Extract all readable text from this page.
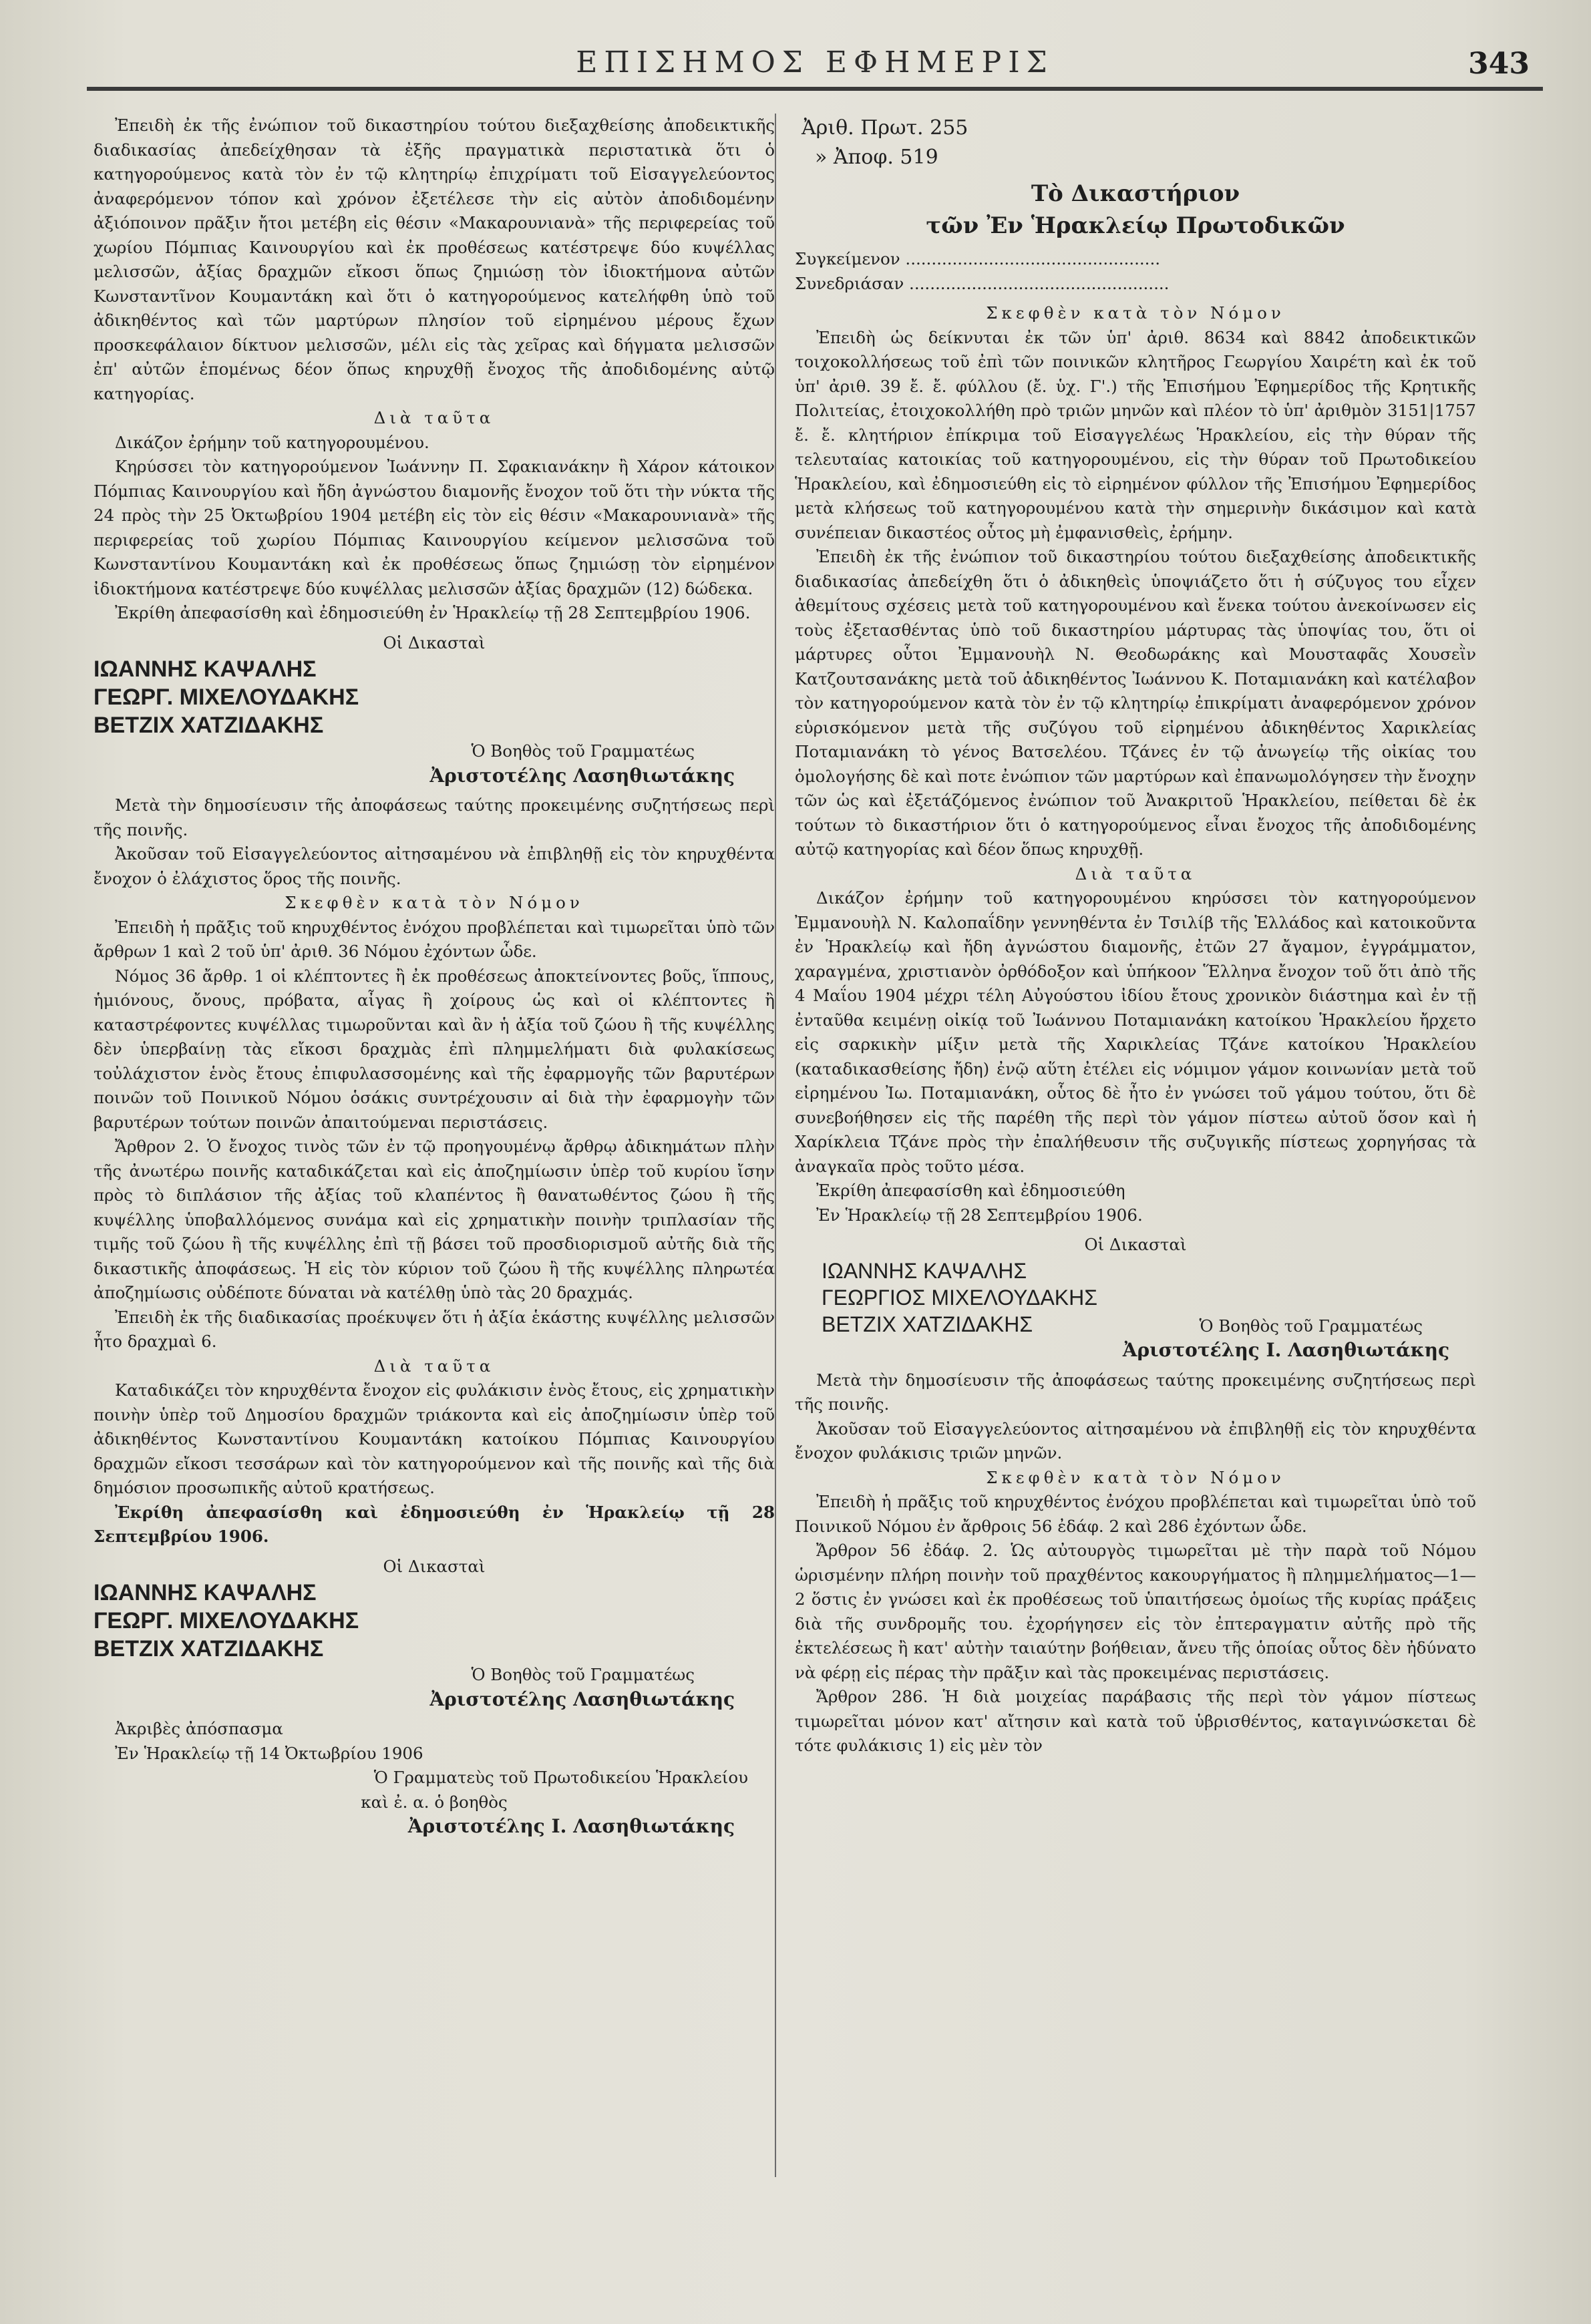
ΕΠΙΣΗΜΟΣ ΕΦΗΜΕΡΙΣ	343

Ἐπειδὴ ἐκ τῆς ἐνώπιον τοῦ δικαστηρίου τούτου διεξαχθείσης ἀποδεικτικῆς διαδικασίας ἀπεδείχθησαν τὰ ἐξῆς πραγματικὰ περιστατικὰ ὅτι ὁ κατηγορούμενος κατὰ τὸν ἐν τῷ κλητηρίῳ ἐπιχρίματι τοῦ Εἰσαγγελεύοντος ἀναφερόμενον τόπον καὶ χρόνον ἐξετέλεσε τὴν εἰς αὐτὸν ἀποδιδομένην ἀξιόποινον πρᾶξιν ἤτοι μετέβη εἰς θέσιν «Μακαρουνιανὰ» τῆς περιφερείας τοῦ χωρίου Πόμπιας Καινουργίου καὶ ἐκ προθέσεως κατέστρεψε δύο κυψέλλας μελισσῶν, ἀξίας δραχμῶν εἴκοσι ὅπως ζημιώσῃ τὸν ἰδιοκτήμονα αὐτῶν Κωνσταντῖνον Κουμαντάκη καὶ ὅτι ὁ κατηγορούμενος κατελήφθη ὑπὸ τοῦ ἀδικηθέντος καὶ τῶν μαρτύρων πλησίον τοῦ εἰρημένου μέρους ἔχων προσκεφάλαιον δίκτυον μελισσῶν, μέλι εἰς τὰς χεῖρας καὶ δήγματα μελισσῶν ἐπ' αὐτῶν ἑπομένως δέον ὅπως κηρυχθῇ ἔνοχος τῆς ἀποδιδομένης αὐτῷ κατηγορίας.

Διὰ ταῦτα

Δικάζον ἐρήμην τοῦ κατηγορουμένου.

Κηρύσσει τὸν κατηγορούμενον Ἰωάννην Π. Σφακιανάκην ἢ Χάρον κάτοικον Πόμπιας Καινουργίου καὶ ἤδη ἀγνώστου διαμονῆς ἔνοχον τοῦ ὅτι τὴν νύκτα τῆς 24 πρὸς τὴν 25 Ὀκτωβρίου 1904 μετέβη εἰς τὸν εἰς θέσιν «Μακαρουνιανὰ» τῆς περιφερείας τοῦ χωρίου Πόμπιας Καινουργίου κείμενον μελισσῶνα τοῦ Κωνσταντίνου Κουμαντάκη καὶ ἐκ προθέσεως ὅπως ζημιώσῃ τὸν εἰρημένον ἰδιοκτήμονα κατέστρεψε δύο κυψέλλας μελισσῶν ἀξίας δραχμῶν (12) δώδεκα.

Ἐκρίθη ἀπεφασίσθη καὶ ἐδημοσιεύθη ἐν Ἡρακλείῳ τῇ 28 Σεπτεμβρίου 1906.

Οἱ Δικασταὶ

ΙΩΑΝΝΗΣ ΚΑΨΑΛΗΣ

ΓΕΩΡΓ. ΜΙΧΕΛΟΥΔΑΚΗΣ

ΒΕΤΖΙΧ ΧΑΤΖΙΔΑΚΗΣ

Ὁ Βοηθὸς τοῦ Γραμματέως

Ἀριστοτέλης Λασηθιωτάκης

Μετὰ τὴν δημοσίευσιν τῆς ἀποφάσεως ταύτης προκειμένης συζητήσεως περὶ τῆς ποινῆς.

Ἀκοῦσαν τοῦ Εἰσαγγελεύοντος αἰτησαμένου νὰ ἐπιβληθῇ εἰς τὸν κηρυχθέντα ἔνοχον ὁ ἐλάχιστος ὅρος τῆς ποινῆς.

Σκεφθὲν κατὰ τὸν Νόμον

Ἐπειδὴ ἡ πρᾶξις τοῦ κηρυχθέντος ἐνόχου προβλέπεται καὶ τιμωρεῖται ὑπὸ τῶν ἄρθρων 1 καὶ 2 τοῦ ὑπ' ἀριθ. 36 Νόμου ἐχόντων ὧδε.

Νόμος 36 ἄρθρ. 1 οἱ κλέπτοντες ἢ ἐκ προθέσεως ἀποκτείνοντες βοῦς, ἵππους, ἡμιόνους, ὄνους, πρόβατα, αἶγας ἢ χοίρους ὡς καὶ οἱ κλέπτοντες ἢ καταστρέφοντες κυψέλλας τιμωροῦνται καὶ ἂν ἡ ἀξία τοῦ ζώου ἢ τῆς κυψέλλης δὲν ὑπερβαίνῃ τὰς εἴκοσι δραχμὰς ἐπὶ πλημμελήματι διὰ φυλακίσεως τοὐλάχιστον ἑνὸς ἔτους ἐπιφυλασσομένης καὶ τῆς ἐφαρμογῆς τῶν βαρυτέρων ποινῶν τοῦ Ποινικοῦ Νόμου ὁσάκις συντρέχουσιν αἱ διὰ τὴν ἐφαρμογὴν τῶν βαρυτέρων τούτων ποινῶν ἀπαιτούμεναι περιστάσεις.

Ἄρθρον 2. Ὁ ἔνοχος τινὸς τῶν ἐν τῷ προηγουμένῳ ἄρθρῳ ἀδικημάτων πλὴν τῆς ἀνωτέρω ποινῆς καταδικάζεται καὶ εἰς ἀποζημίωσιν ὑπὲρ τοῦ κυρίου ἴσην πρὸς τὸ διπλάσιον τῆς ἀξίας τοῦ κλαπέντος ἢ θανατωθέντος ζώου ἢ τῆς κυψέλλης ὑποβαλλόμενος συνάμα καὶ εἰς χρηματικὴν ποινὴν τριπλασίαν τῆς τιμῆς τοῦ ζώου ἢ τῆς κυψέλλης ἐπὶ τῇ βάσει τοῦ προσδιορισμοῦ αὐτῆς διὰ τῆς δικαστικῆς ἀποφάσεως. Ἡ εἰς τὸν κύριον τοῦ ζώου ἢ τῆς κυψέλλης πληρωτέα ἀποζημίωσις οὐδέποτε δύναται νὰ κατέλθῃ ὑπὸ τὰς 20 δραχμάς.

Ἐπειδὴ ἐκ τῆς διαδικασίας προέκυψεν ὅτι ἡ ἀξία ἑκάστης κυψέλλης μελισσῶν ἦτο δραχμαὶ 6.

Διὰ ταῦτα

Καταδικάζει τὸν κηρυχθέντα ἔνοχον εἰς φυλάκισιν ἑνὸς ἔτους, εἰς χρηματικὴν ποινὴν ὑπὲρ τοῦ Δημοσίου δραχμῶν τριάκοντα καὶ εἰς ἀποζημίωσιν ὑπὲρ τοῦ ἀδικηθέντος Κωνσταντίνου Κουμαντάκη κατοίκου Πόμπιας Καινουργίου δραχμῶν εἴκοσι τεσσάρων καὶ τὸν κατηγορούμενον καὶ τῆς ποινῆς καὶ τῆς διὰ δημόσιον προσωπικῆς αὐτοῦ κρατήσεως.

Ἐκρίθη ἀπεφασίσθη καὶ ἐδημοσιεύθη ἐν Ἡρακλείῳ τῇ 28 Σεπτεμβρίου 1906.

Οἱ Δικασταὶ

ΙΩΑΝΝΗΣ ΚΑΨΑΛΗΣ

ΓΕΩΡΓ. ΜΙΧΕΛΟΥΔΑΚΗΣ

ΒΕΤΖΙΧ ΧΑΤΖΙΔΑΚΗΣ

Ὁ Βοηθὸς τοῦ Γραμματέως

Ἀριστοτέλης Λασηθιωτάκης

Ἀκριβὲς ἀπόσπασμα

Ἐν Ἡρακλείῳ τῇ 14 Ὀκτωβρίου 1906

Ὁ Γραμματεὺς τοῦ Πρωτοδικείου Ἡρακλείου

καὶ ἐ. α. ὁ βοηθὸς

Ἀριστοτέλης Ι. Λασηθιωτάκης

Ἀριθ. Πρωτ. 255

» Ἀποφ. 519

Τὸ Δικαστήριον

τῶν Ἐν Ἡρακλείῳ Πρωτοδικῶν

Συγκείμενον .................................................

Συνεδριάσαν ..................................................

Σκεφθὲν κατὰ τὸν Νόμον

Ἐπειδὴ ὡς δείκνυται ἐκ τῶν ὑπ' ἀριθ. 8634 καὶ 8842 ἀποδεικτικῶν τοιχοκολλήσεως τοῦ ἐπὶ τῶν ποινικῶν κλητῆρος Γεωργίου Χαιρέτη καὶ ἐκ τοῦ ὑπ' ἀριθ. 39 ἔ. ἔ. φύλλου (ἔ. ὑχ. Γ'.) τῆς Ἐπισήμου Ἐφημερίδος τῆς Κρητικῆς Πολιτείας, ἐτοιχοκολλήθη πρὸ τριῶν μηνῶν καὶ πλέον τὸ ὑπ' ἀριθμὸν 3151|1757 ἔ. ἔ. κλητήριον ἐπίκριμα τοῦ Εἰσαγγελέως Ἡρακλείου, εἰς τὴν θύραν τῆς τελευταίας κατοικίας τοῦ κατηγορουμένου, εἰς τὴν θύραν τοῦ Πρωτοδικείου Ἡρακλείου, καὶ ἐδημοσιεύθη εἰς τὸ εἰρημένον φύλλον τῆς Ἐπισήμου Ἐφημερίδος μετὰ κλήσεως τοῦ κατηγορουμένου κατὰ τὴν σημερινὴν δικάσιμον καὶ κατὰ συνέπειαν δικαστέος οὗτος μὴ ἐμφανισθεὶς, ἐρήμην.

Ἐπειδὴ ἐκ τῆς ἐνώπιον τοῦ δικαστηρίου τούτου διεξαχθείσης ἀποδεικτικῆς διαδικασίας ἀπεδείχθη ὅτι ὁ ἀδικηθεὶς ὑποψιάζετο ὅτι ἡ σύζυγος του εἶχεν ἀθεμίτους σχέσεις μετὰ τοῦ κατηγορουμένου καὶ ἕνεκα τούτου ἀνεκοίνωσεν εἰς τοὺς ἐξετασθέντας ὑπὸ τοῦ δικαστηρίου μάρτυρας τὰς ὑποψίας του, ὅτι οἱ μάρτυρες οὗτοι Ἐμμανουὴλ Ν. Θεοδωράκης καὶ Μουσταφᾶς Χουσεῒν Κατζουτσανάκης μετὰ τοῦ ἀδικηθέντος Ἰωάννου Κ. Ποταμιανάκη καὶ κατέλαβον τὸν κατηγορούμενον κατὰ τὸν ἐν τῷ κλητηρίῳ ἐπικρίματι ἀναφερόμενον χρόνον εὑρισκόμενον μετὰ τῆς συζύγου τοῦ εἰρημένου ἀδικηθέντος Χαρικλείας Ποταμιανάκη τὸ γένος Βατσελέου. Τζάνες ἐν τῷ ἀνωγείῳ τῆς οἰκίας του ὁμολογήσης δὲ καὶ ποτε ἐνώπιον τῶν μαρτύρων καὶ ἐπανωμολόγησεν τὴν ἔνοχην τῶν ὡς καὶ ἐξετάζόμενος ἐνώπιον τοῦ Ἀνακριτοῦ Ἡρακλείου, πείθεται δὲ ἐκ τούτων τὸ δικαστήριον ὅτι ὁ κατηγορούμενος εἶναι ἔνοχος τῆς ἀποδιδομένης αὐτῷ κατηγορίας καὶ δέον ὅπως κηρυχθῇ.

Διὰ ταῦτα

Δικάζον ἐρήμην τοῦ κατηγορουμένου κηρύσσει τὸν κατηγορούμενον Ἐμμανουὴλ Ν. Καλοπαΐδην γεννηθέντα ἐν Τσιλίβ τῆς Ἑλλάδος καὶ κατοικοῦντα ἐν Ἡρακλείῳ καὶ ἤδη ἀγνώστου διαμονῆς, ἐτῶν 27 ἄγαμον, ἐγγράμματον, χαραγμένα, χριστιανὸν ὀρθόδοξον καὶ ὑπήκοον Ἕλληνα ἔνοχον τοῦ ὅτι ἀπὸ τῆς 4 Μαΐου 1904 μέχρι τέλη Αὐγούστου ἰδίου ἔτους χρονικὸν διάστημα καὶ ἐν τῇ ἐνταῦθα κειμένῃ οἰκίᾳ τοῦ Ἰωάννου Ποταμιανάκη κατοίκου Ἡρακλείου ἤρχετο εἰς σαρκικὴν μίξιν μετὰ τῆς Χαρικλείας Τζάνε κατοίκου Ἡρακλείου (καταδικασθείσης ἤδη) ἐνῷ αὕτη ἐτέλει εἰς νόμιμον γάμον κοινωνίαν μετὰ τοῦ εἰρημένου Ἰω. Ποταμιανάκη, οὗτος δὲ ἦτο ἐν γνώσει τοῦ γάμου τούτου, ὅτι δὲ συνεβοήθησεν εἰς τῆς παρέθη τῆς περὶ τὸν γάμον πίστεω αὐτοῦ ὅσον καὶ ἡ Χαρίκλεια Τζάνε πρὸς τὴν ἐπαλήθευσιν τῆς συζυγικῆς πίστεως χορηγήσας τὰ ἀναγκαῖα πρὸς τοῦτο μέσα.

Ἐκρίθη ἀπεφασίσθη καὶ ἐδημοσιεύθη

Ἐν Ἡρακλείῳ τῇ 28 Σεπτεμβρίου 1906.

Οἱ Δικασταὶ

ΙΩΑΝΝΗΣ ΚΑΨΑΛΗΣ

ΓΕΩΡΓΙΟΣ ΜΙΧΕΛΟΥΔΑΚΗΣ

ΒΕΤΖΙΧ ΧΑΤΖΙΔΑΚΗΣ	Ὁ Βοηθὸς τοῦ Γραμματέως

Ἀριστοτέλης Ι. Λασηθιωτάκης

Μετὰ τὴν δημοσίευσιν τῆς ἀποφάσεως ταύτης προκειμένης συζητήσεως περὶ τῆς ποινῆς.

Ἀκοῦσαν τοῦ Εἰσαγγελεύοντος αἰτησαμένου νὰ ἐπιβληθῇ εἰς τὸν κηρυχθέντα ἔνοχον φυλάκισις τριῶν μηνῶν.

Σκεφθὲν κατὰ τὸν Νόμον

Ἐπειδὴ ἡ πρᾶξις τοῦ κηρυχθέντος ἐνόχου προβλέπεται καὶ τιμωρεῖται ὑπὸ τοῦ Ποινικοῦ Νόμου ἐν ἄρθροις 56 ἐδάφ. 2 καὶ 286 ἐχόντων ὧδε.

Ἄρθρον 56 ἐδάφ. 2. Ὡς αὐτουργὸς τιμωρεῖται μὲ τὴν παρὰ τοῦ Νόμου ὡρισμένην πλήρη ποινὴν τοῦ πραχθέντος κακουργήματος ἢ πλημμελήματος—1—2 ὅστις ἐν γνώσει καὶ ἐκ προθέσεως τοῦ ὑπαιτήσεως ὁμοίως τῆς κυρίας πράξεις διὰ τῆς συνδρομῆς του. ἐχορήγησεν εἰς τὸν ἐπτεραγματιν αὐτῆς πρὸ τῆς ἐκτελέσεως ἢ κατ' αὐτὴν ταιαύτην βοήθειαν, ἄνευ τῆς ὁποίας οὗτος δὲν ἠδύνατο νὰ φέρῃ εἰς πέρας τὴν πρᾶξιν καὶ τὰς προκειμένας περιστάσεις.

Ἄρθρον 286. Ἡ διὰ μοιχείας παράβασις τῆς περὶ τὸν γάμον πίστεως τιμωρεῖται μόνον κατ' αἴτησιν καὶ κατὰ τοῦ ὑβρισθέντος, καταγινώσκεται δὲ τότε φυλάκισις 1) εἰς μὲν τὸν
